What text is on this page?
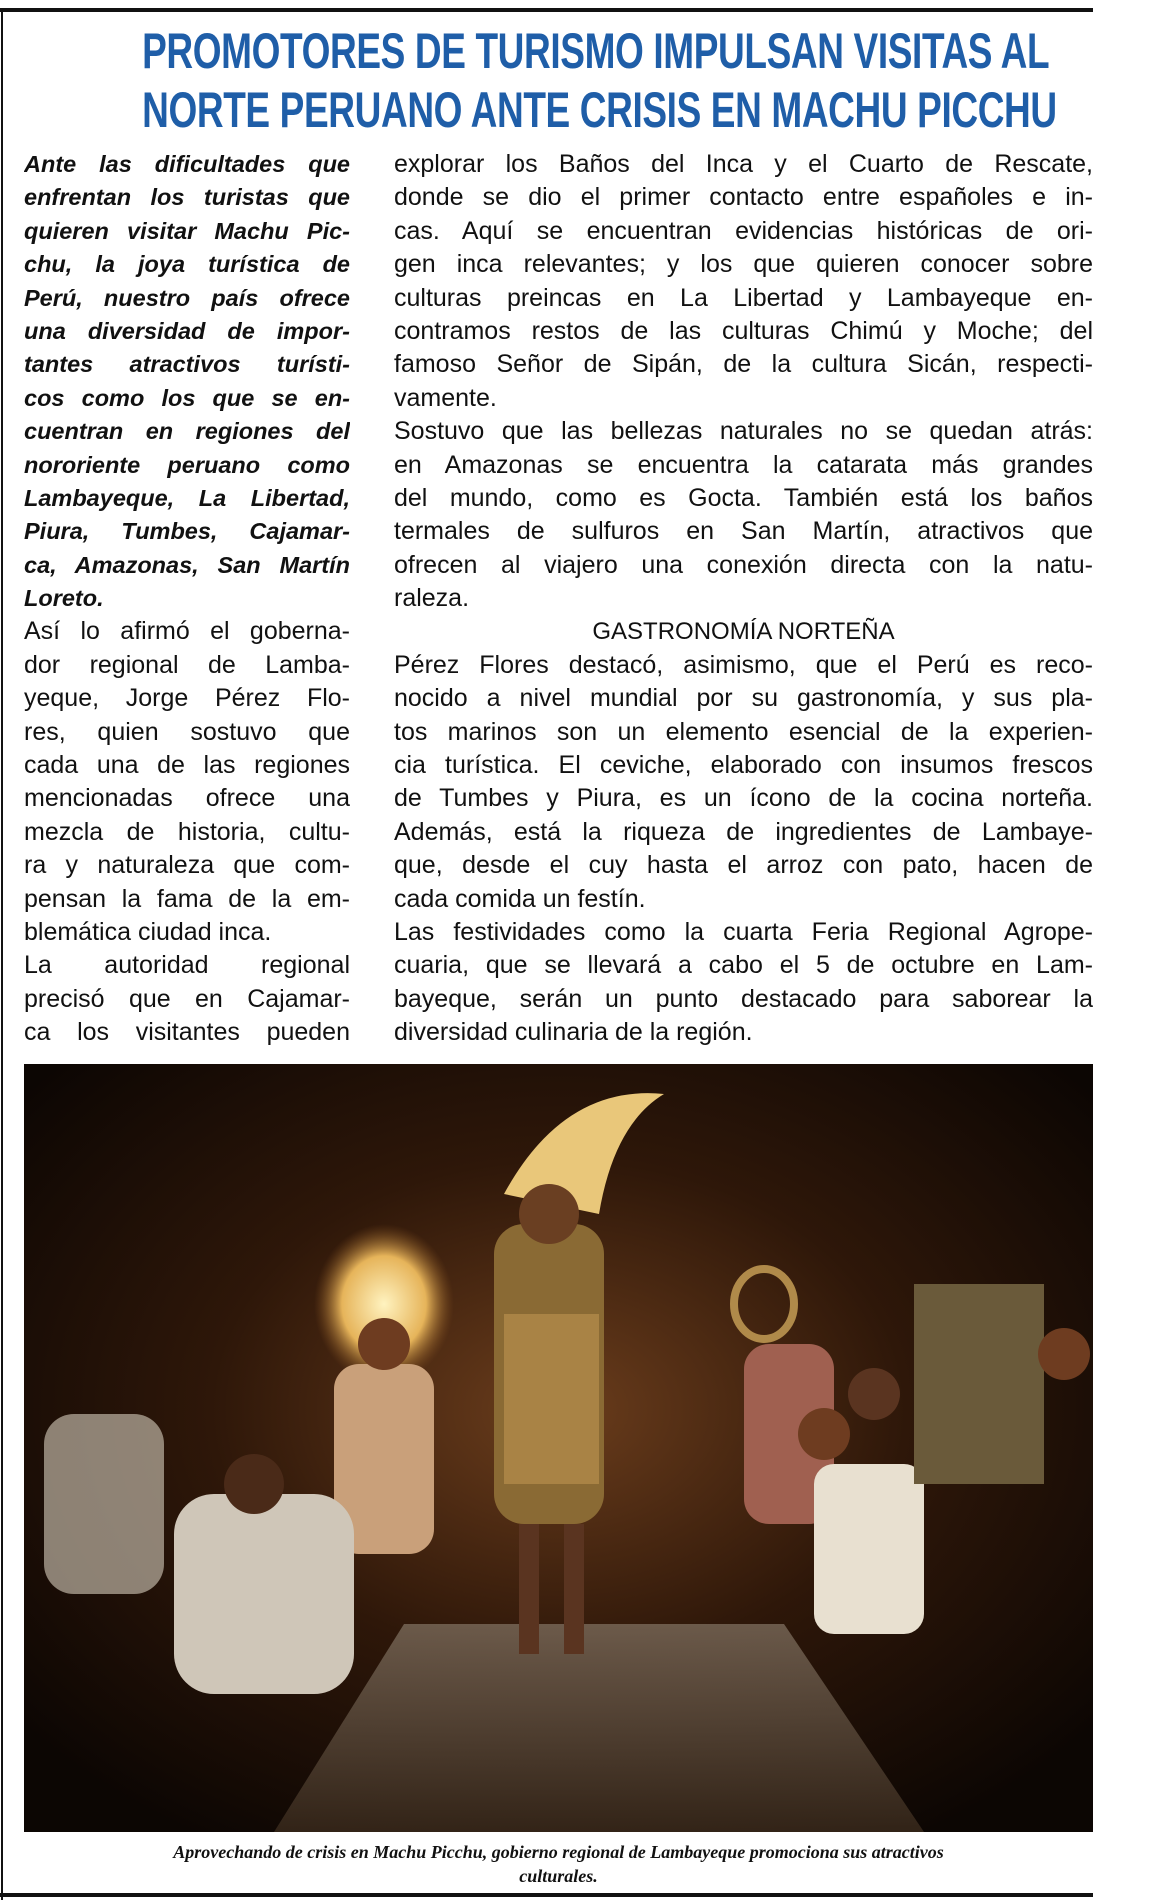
PROMOTORES DE TURISMO IMPULSAN VISITAS AL
NORTE PERUANO ANTE CRISIS EN MACHU PICCHU
Ante las dificultades que
enfrentan los turistas que
quieren visitar Machu Pic-
chu, la joya turística de
Perú, nuestro país ofrece
una diversidad de impor-
tantes atractivos turísti-
cos como los que se en-
cuentran en regiones del
nororiente peruano como
Lambayeque, La Libertad,
Piura, Tumbes, Cajamar-
ca, Amazonas, San Martín
Loreto.
Así lo afirmó el goberna-
dor regional de Lamba-
yeque, Jorge Pérez Flo-
res, quien sostuvo que
cada una de las regiones
mencionadas ofrece una
mezcla de historia, cultu-
ra y naturaleza que com-
pensan la fama de la em-
blemática ciudad inca.
La autoridad regional
precisó que en Cajamar-
ca los visitantes pueden
explorar los Baños del Inca y el Cuarto de Rescate,
donde se dio el primer contacto entre españoles e in-
cas. Aquí se encuentran evidencias históricas de ori-
gen inca relevantes; y los que quieren conocer sobre
culturas preincas en La Libertad y Lambayeque en-
contramos restos de las culturas Chimú y Moche; del
famoso Señor de Sipán, de la cultura Sicán, respecti-
vamente.
Sostuvo que las bellezas naturales no se quedan atrás:
en Amazonas se encuentra la catarata más grandes
del mundo, como es Gocta. También está los baños
termales de sulfuros en San Martín, atractivos que
ofrecen al viajero una conexión directa con la natu-
raleza.
GASTRONOMÍA NORTEÑA
Pérez Flores destacó, asimismo, que el Perú es reco-
nocido a nivel mundial por su gastronomía, y sus pla-
tos marinos son un elemento esencial de la experien-
cia turística. El ceviche, elaborado con insumos frescos
de Tumbes y Piura, es un ícono de la cocina norteña.
Además, está la riqueza de ingredientes de Lambaye-
que, desde el cuy hasta el arroz con pato, hacen de
cada comida un festín.
Las festividades como la cuarta Feria Regional Agrope-
cuaria, que se llevará a cabo el 5 de octubre en Lam-
bayeque, serán un punto destacado para saborear la
diversidad culinaria de la región.
Aprovechando de crisis en Machu Picchu, gobierno regional de Lambayeque promociona sus atractivos
culturales.
